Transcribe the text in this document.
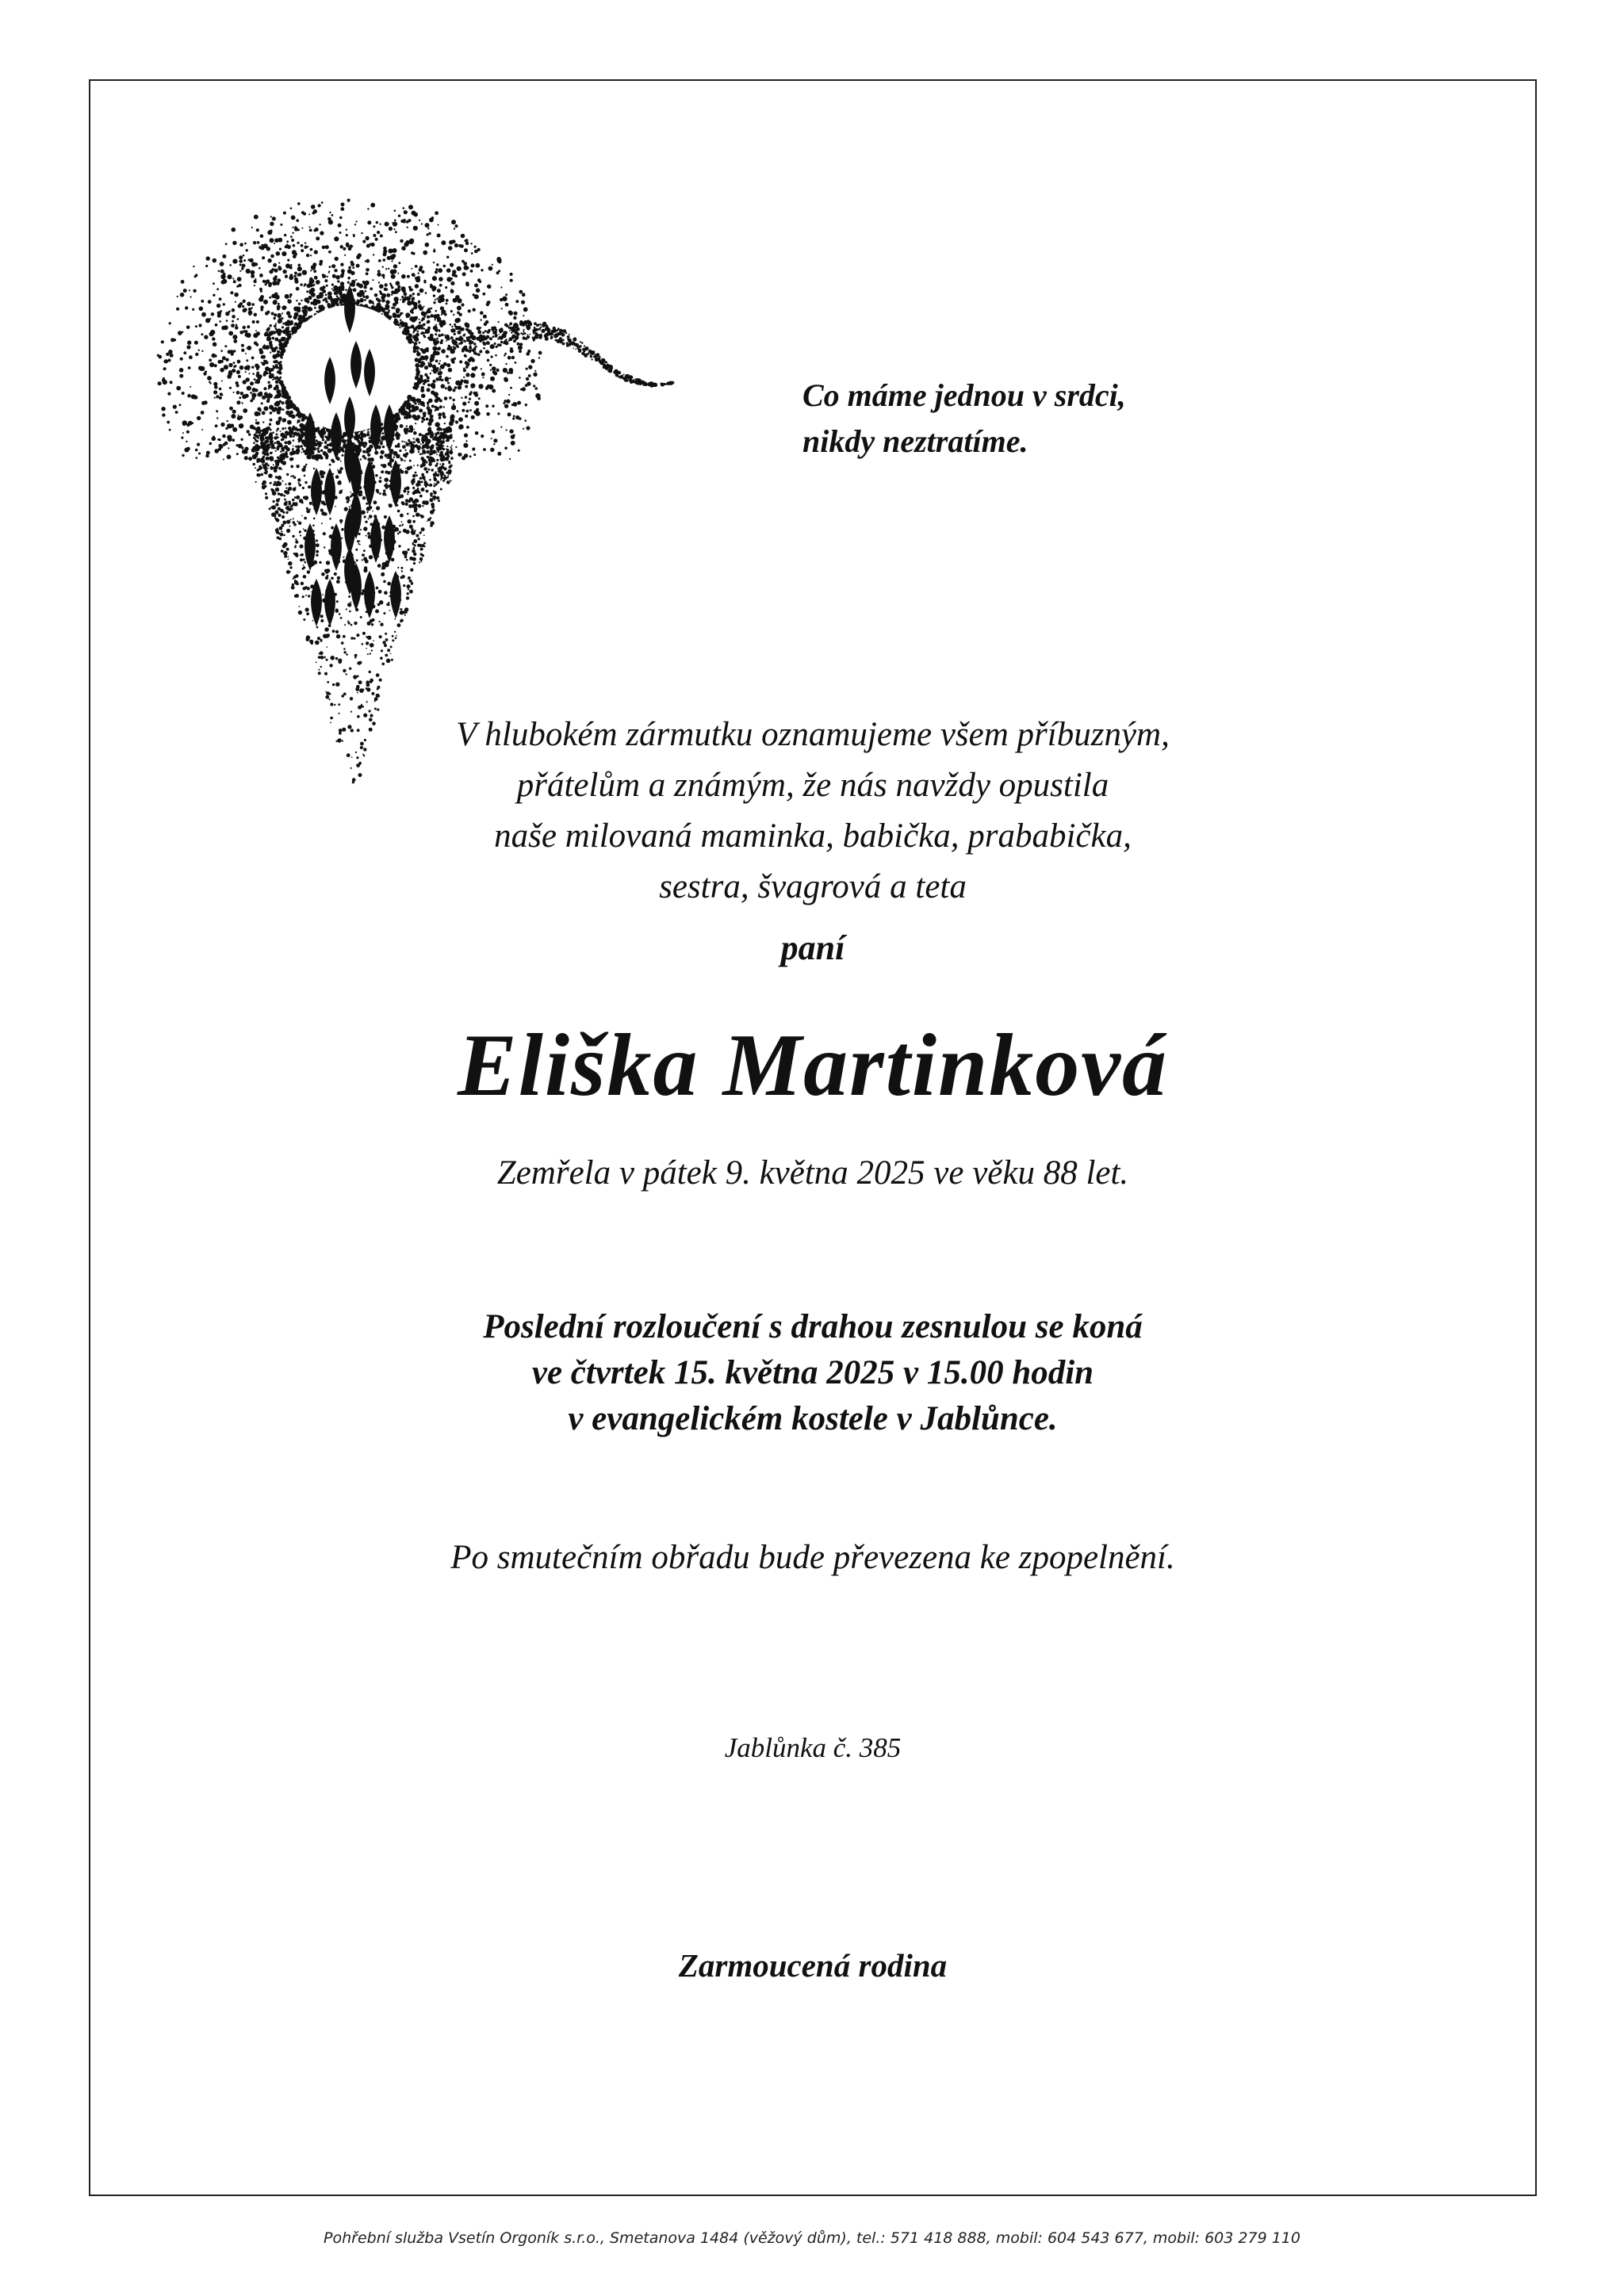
Co máme jednou v srdci,
nikdy neztratíme.
V hlubokém zármutku oznamujeme všem příbuzným,
přátelům a známým, že nás navždy opustila
naše milovaná maminka, babička, prababička,
sestra, švagrová a teta
paní
Eliška Martinková
Zemřela v pátek 9. května 2025 ve věku 88 let.
Poslední rozloučení s drahou zesnulou se koná
ve čtvrtek 15. května 2025 v 15.00 hodin
v evangelickém kostele v Jablůnce.
Po smutečním obřadu bude převezena ke zpopelnění.
Jablůnka č. 385
Zarmoucená rodina
Pohřební služba Vsetín Orgoník s.r.o., Smetanova 1484 (věžový dům), tel.: 571 418 888, mobil: 604 543 677, mobil: 603 279 110
